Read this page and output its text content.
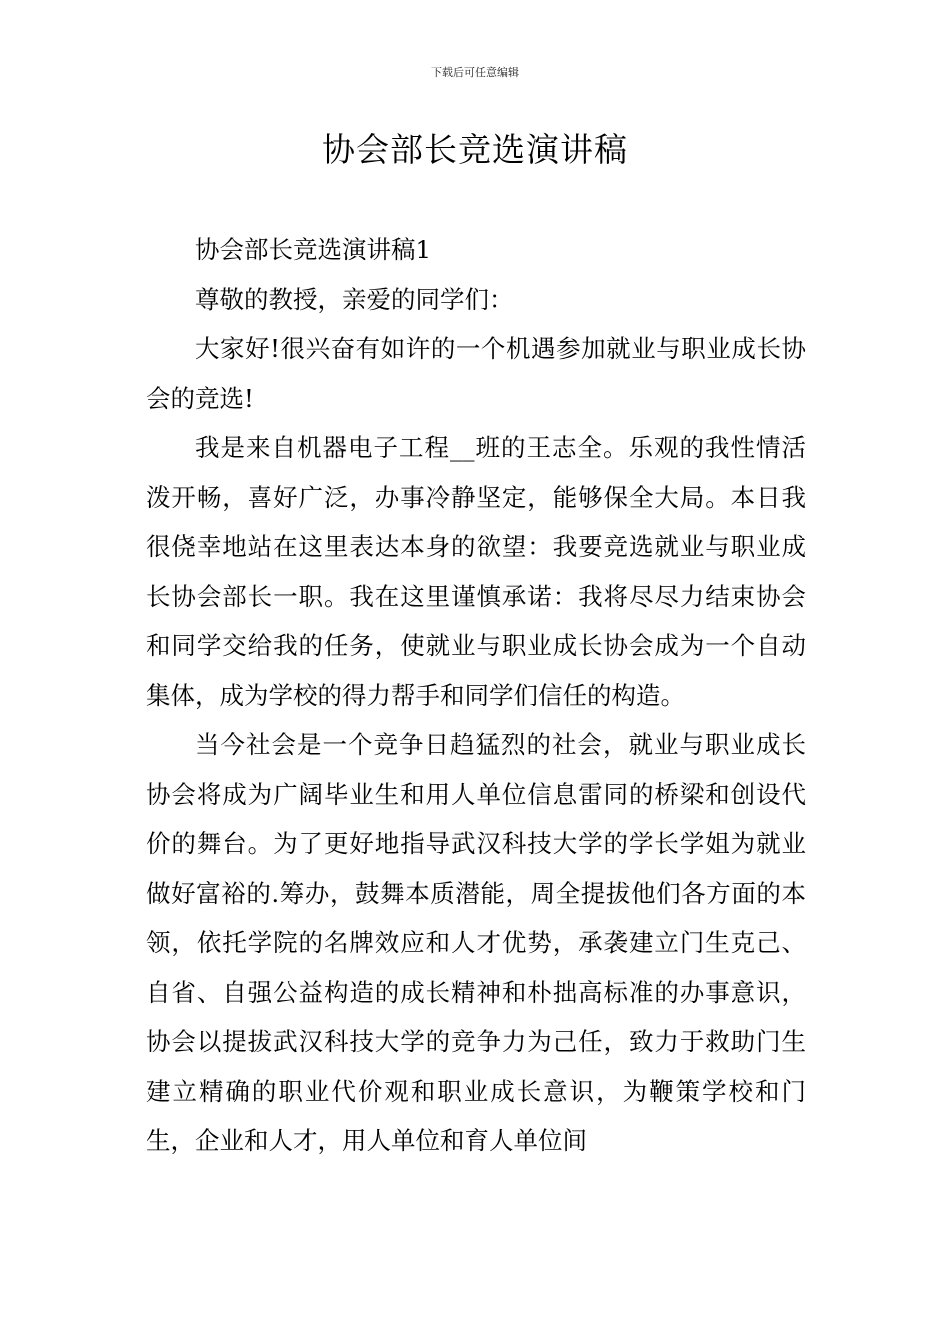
下载后可任意编辑
协会部长竞选演讲稿

协会部长竞选演讲稿1

尊敬的教授，亲爱的同学们：

大家好!很兴奋有如许的一个机遇参加就业与职业成长协会的竞选!

我是来自机器电子工程__班的王志全。乐观的我性情活泼开畅，喜好广泛，办事冷静坚定，能够保全大局。本日我很侥幸地站在这里表达本身的欲望：我要竞选就业与职业成长协会部长一职。我在这里谨慎承诺：我将尽尽力结束协会和同学交给我的任务，使就业与职业成长协会成为一个自动集体，成为学校的得力帮手和同学们信任的构造。

当今社会是一个竞争日趋猛烈的社会，就业与职业成长协会将成为广阔毕业生和用人单位信息雷同的桥梁和创设代价的舞台。为了更好地指导武汉科技大学的学长学姐为就业做好富裕的.筹办，鼓舞本质潜能，周全提拔他们各方面的本领，依托学院的名牌效应和人才优势，承袭建立门生克己、自省、自强公益构造的成长精神和朴拙高标准的办事意识，协会以提拔武汉科技大学的竞争力为己任，致力于救助门生建立精确的职业代价观和职业成长意识，为鞭策学校和门生，企业和人才，用人单位和育人单位间
